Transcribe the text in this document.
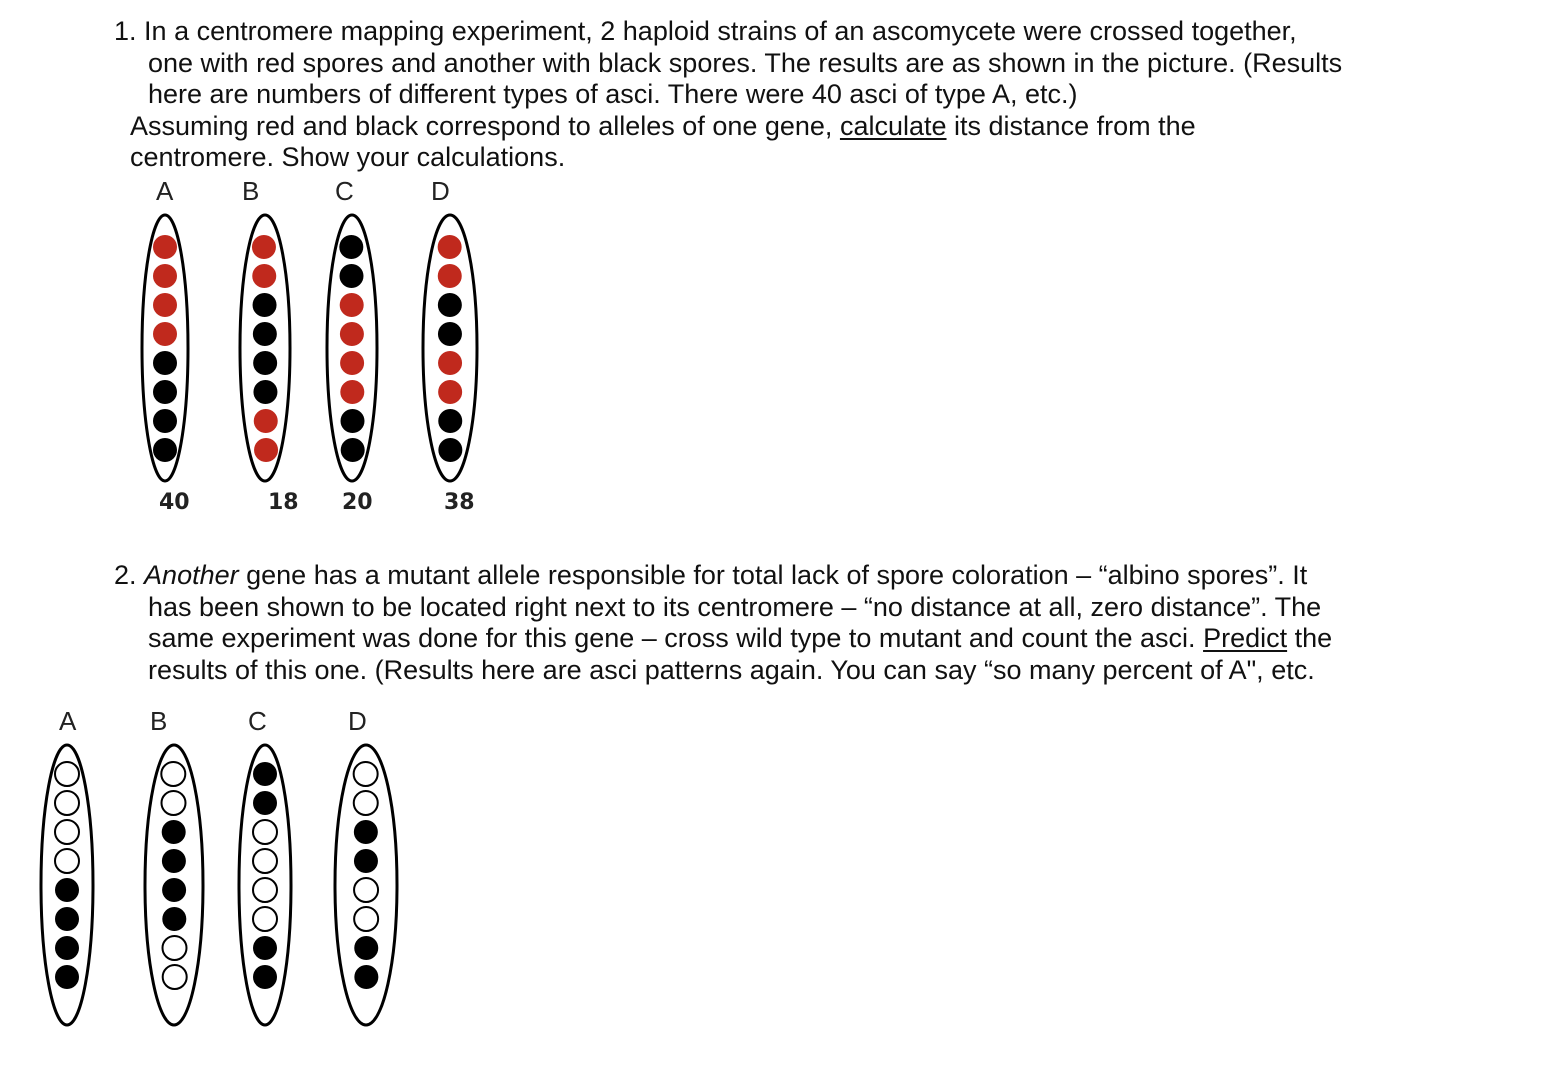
1. In a centromere mapping experiment, 2 haploid strains of an ascomycete were crossed together,

one with red spores and another with black spores. The results are as shown in the picture. (Results

here are numbers of different types of asci. There were 40 asci of type A, etc.)

Assuming red and black correspond to alleles of one gene, calculate its distance from the

centromere. Show your calculations.

A	B	C	D
40	18 20	38

2. Another gene has a mutant allele responsible for total lack of spore coloration – “albino spores”. It

has been shown to be located right next to its centromere – “no distance at all, zero distance”. The

same experiment was done for this gene – cross wild type to mutant and count the asci. Predict the

results of this one. (Results here are asci patterns again. You can say “so many percent of A", etc.

A	B	C	D
